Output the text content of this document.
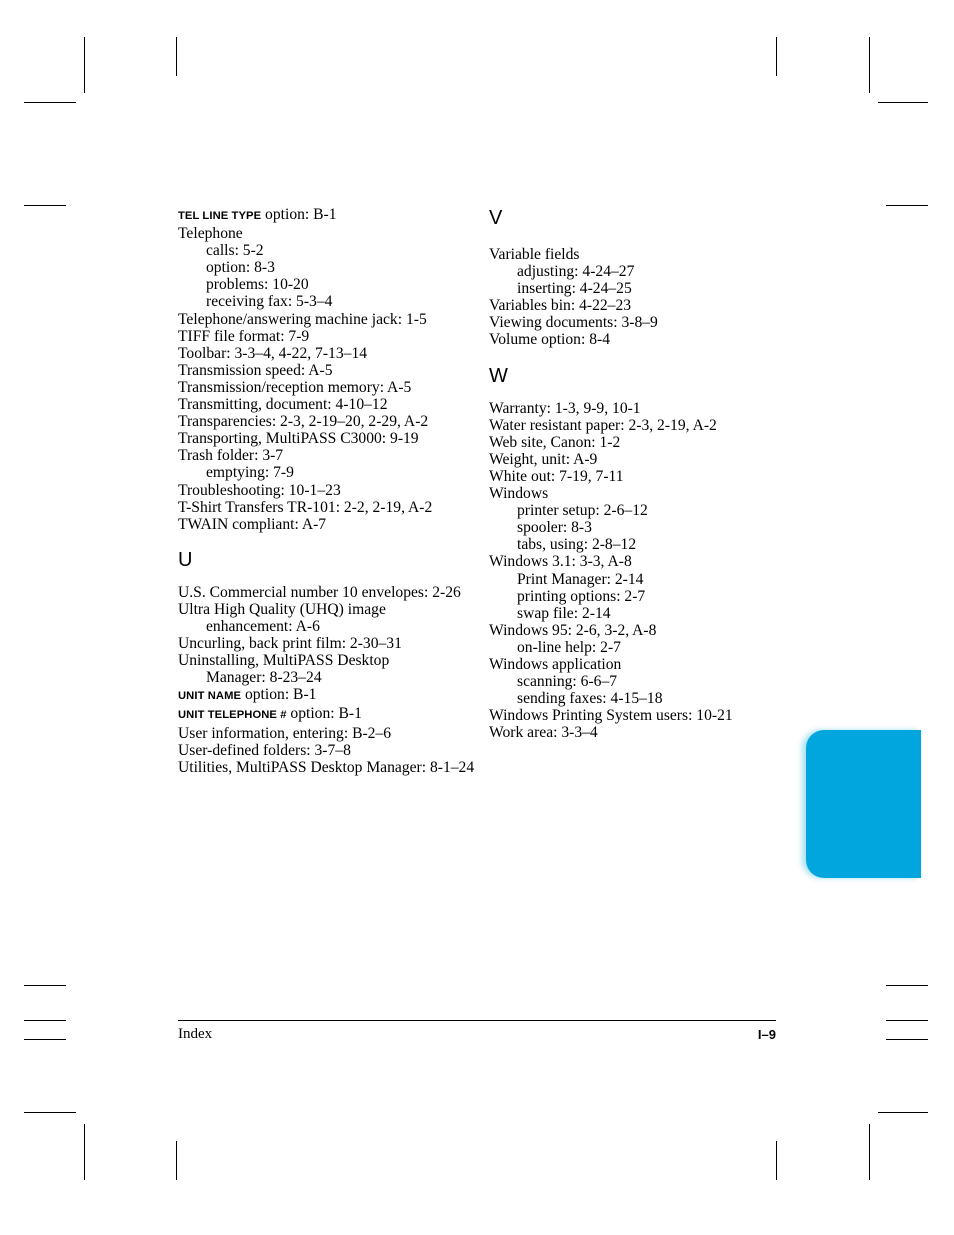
TEL LINE TYPE option: B-1
Telephone
calls: 5-2
option: 8-3
problems: 10-20
receiving fax: 5-3–4
Telephone/answering machine jack: 1-5
TIFF file format: 7-9
Toolbar: 3-3–4, 4-22, 7-13–14
Transmission speed: A-5
Transmission/reception memory: A-5
Transmitting, document: 4-10–12
Transparencies: 2-3, 2-19–20, 2-29, A-2
Transporting, MultiPASS C3000: 9-19
Trash folder: 3-7
emptying: 7-9
Troubleshooting: 10-1–23
T-Shirt Transfers TR-101: 2-2, 2-19, A-2
TWAIN compliant: A-7
U
U.S. Commercial number 10 envelopes: 2-26
Ultra High Quality (UHQ) image enhancement: A-6
Uncurling, back print film: 2-30–31
Uninstalling, MultiPASS Desktop Manager: 8-23–24
UNIT NAME option: B-1
UNIT TELEPHONE # option: B-1
User information, entering: B-2–6
User-defined folders: 3-7–8
Utilities, MultiPASS Desktop Manager: 8-1–24
V
Variable fields
adjusting: 4-24–27
inserting: 4-24–25
Variables bin: 4-22–23
Viewing documents: 3-8–9
Volume option: 8-4
W
Warranty: 1-3, 9-9, 10-1
Water resistant paper: 2-3, 2-19, A-2
Web site, Canon: 1-2
Weight, unit: A-9
White out: 7-19, 7-11
Windows
printer setup: 2-6–12
spooler: 8-3
tabs, using: 2-8–12
Windows 3.1: 3-3, A-8
Print Manager: 2-14
printing options: 2-7
swap file: 2-14
Windows 95: 2-6, 3-2, A-8
on-line help: 2-7
Windows application
scanning: 6-6–7
sending faxes: 4-15–18
Windows Printing System users: 10-21
Work area: 3-3–4
Index	I–9
